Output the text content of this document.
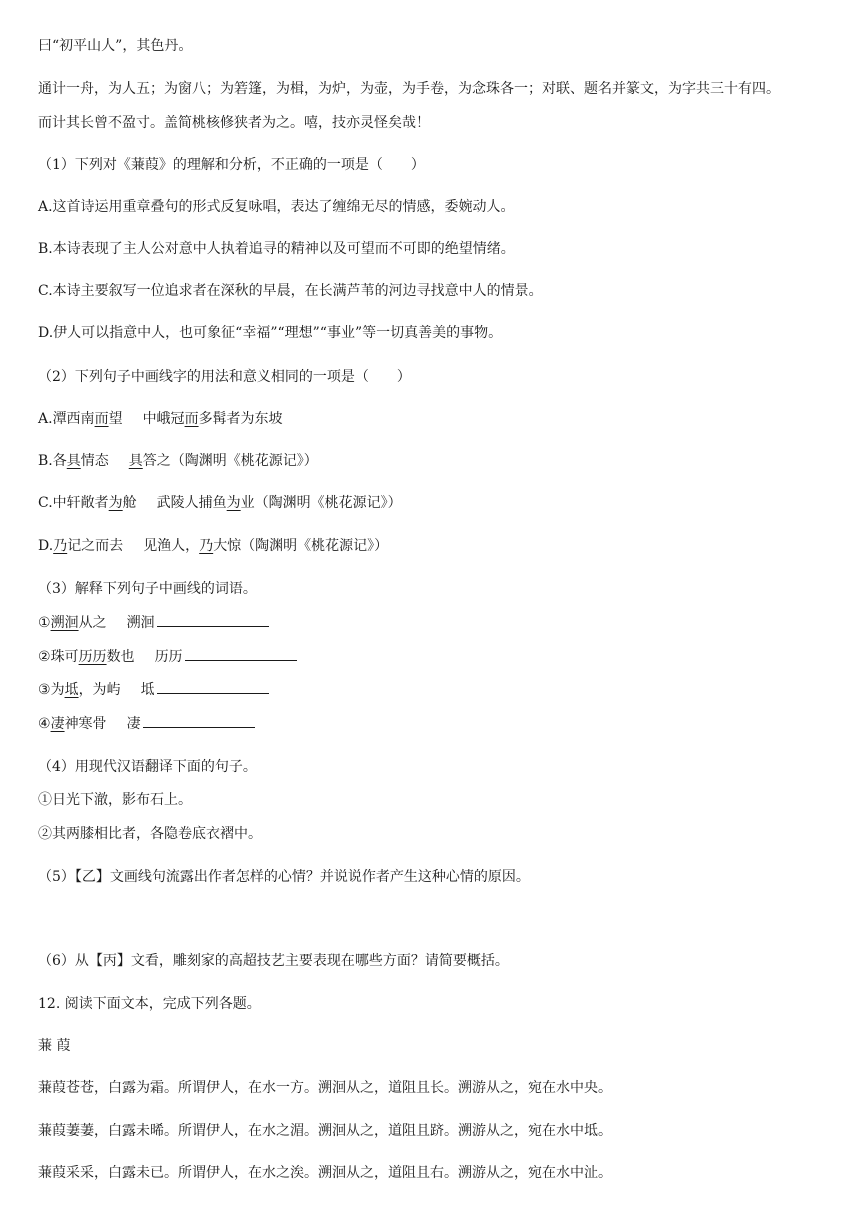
曰“初平山人”，其色丹。
通计一舟，为人五；为窗八；为箬篷，为楫，为炉，为壶，为手卷，为念珠各一；对联、题名并篆文，为字共三十有四。
而计其长曾不盈寸。盖简桃核修狭者为之。嘻，技亦灵怪矣哉！
（1）下列对《蒹葭》的理解和分析，不正确的一项是（　　）
A.这首诗运用重章叠句的形式反复咏唱，表达了缠绵无尽的情感，委婉动人。
B.本诗表现了主人公对意中人执着追寻的精神以及可望而不可即的绝望情绪。
C.本诗主要叙写一位追求者在深秋的早晨，在长满芦苇的河边寻找意中人的情景。
D.伊人可以指意中人，也可象征“幸福”“理想”“事业”等一切真善美的事物。
（2）下列句子中画线字的用法和意义相同的一项是（　　）
A.潭西南而望 中峨冠而多髯者为东坡
B.各具情态 具答之（陶渊明《桃花源记》）
C.中轩敞者为舱 武陵人捕鱼为业（陶渊明《桃花源记》）
D.乃记之而去 见渔人，乃大惊（陶渊明《桃花源记》）
（3）解释下列句子中画线的词语。
①溯洄从之 溯洄
②珠可历历数也 历历
③为坻，为屿 坻
④凄神寒骨 凄
（4）用现代汉语翻译下面的句子。
①日光下澈，影布石上。
②其两膝相比者，各隐卷底衣褶中。
（5）【乙】文画线句流露出作者怎样的心情？并说说作者产生这种心情的原因。
（6）从【丙】文看，雕刻家的高超技艺主要表现在哪些方面？请简要概括。
12. 阅读下面文本，完成下列各题。
蒹 葭
蒹葭苍苍，白露为霜。所谓伊人，在水一方。溯洄从之，道阻且长。溯游从之，宛在水中央。
蒹葭萋萋，白露未晞。所谓伊人，在水之湄。溯洄从之，道阻且跻。溯游从之，宛在水中坻。
蒹葭采采，白露未已。所谓伊人，在水之涘。溯洄从之，道阻且右。溯游从之，宛在水中沚。
